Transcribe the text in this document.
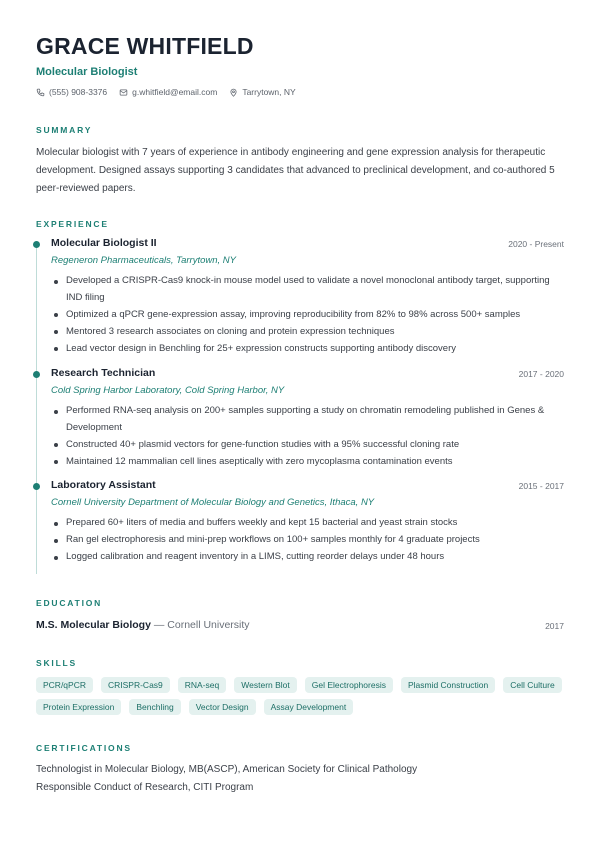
GRACE WHITFIELD
Molecular Biologist
(555) 908-3376	g.whitfield@email.com	Tarrytown, NY
SUMMARY
Molecular biologist with 7 years of experience in antibody engineering and gene expression analysis for therapeutic development. Designed assays supporting 3 candidates that advanced to preclinical development, and co-authored 5 peer-reviewed papers.
EXPERIENCE
Molecular Biologist II	2020 - Present
Regeneron Pharmaceuticals, Tarrytown, NY
Developed a CRISPR-Cas9 knock-in mouse model used to validate a novel monoclonal antibody target, supporting IND filing
Optimized a qPCR gene-expression assay, improving reproducibility from 82% to 98% across 500+ samples
Mentored 3 research associates on cloning and protein expression techniques
Lead vector design in Benchling for 25+ expression constructs supporting antibody discovery
Research Technician	2017 - 2020
Cold Spring Harbor Laboratory, Cold Spring Harbor, NY
Performed RNA-seq analysis on 200+ samples supporting a study on chromatin remodeling published in Genes & Development
Constructed 40+ plasmid vectors for gene-function studies with a 95% successful cloning rate
Maintained 12 mammalian cell lines aseptically with zero mycoplasma contamination events
Laboratory Assistant	2015 - 2017
Cornell University Department of Molecular Biology and Genetics, Ithaca, NY
Prepared 60+ liters of media and buffers weekly and kept 15 bacterial and yeast strain stocks
Ran gel electrophoresis and mini-prep workflows on 100+ samples monthly for 4 graduate projects
Logged calibration and reagent inventory in a LIMS, cutting reorder delays under 48 hours
EDUCATION
M.S. Molecular Biology — Cornell University	2017
SKILLS
PCR/qPCR	CRISPR-Cas9	RNA-seq	Western Blot	Gel Electrophoresis	Plasmid Construction	Cell Culture
Protein Expression	Benchling	Vector Design	Assay Development
CERTIFICATIONS
Technologist in Molecular Biology, MB(ASCP), American Society for Clinical Pathology
Responsible Conduct of Research, CITI Program
